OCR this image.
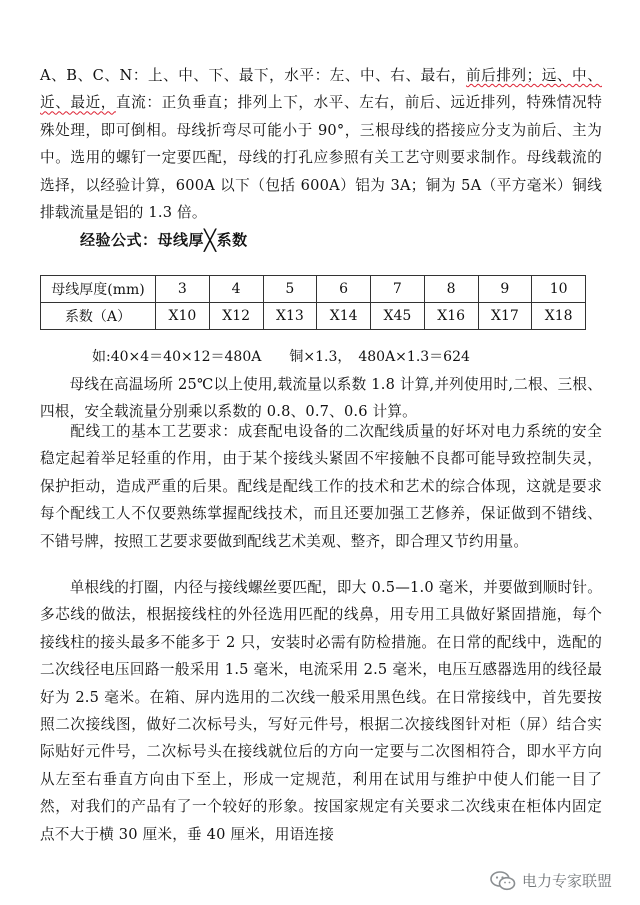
A、B、C、N：上、中、下、最下，水平：左、中、右、最右，前后排列；远、中、近、最近，直流：正负垂直；排列上下，水平、左右，前后、远近排列，特殊情况特殊处理，即可倒相。母线折弯尽可能小于 90°，三根母线的搭接应分支为前后、主为中。选用的螺钉一定要匹配，母线的打孔应参照有关工艺守则要求制作。母线载流的选择，以经验计算，600A 以下（包括 600A）铝为 3A；铜为 5A（平方毫米）铜线排载流量是铝的 1.3 倍。

经验公式：母线厚╳系数
母线厚度(mm)	3	4	5	6	7	8	9	10
系数（A）	X10	X12	X13	X14	X45	X16	X17	X18
如:40×4＝40×12＝480A　　铜×1.3，　480A×1.3＝624

　　母线在高温场所 25℃以上使用,载流量以系数 1.8 计算,并列使用时,二根、三根、四根，安全载流量分别乘以系数的 0.8、0.7、0.6 计算。

　　配线工的基本工艺要求：成套配电设备的二次配线质量的好坏对电力系统的安全稳定起着举足轻重的作用，由于某个接线头紧固不牢接触不良都可能导致控制失灵，保护拒动，造成严重的后果。配线是配线工作的技术和艺术的综合体现，这就是要求每个配线工人不仅要熟练掌握配线技术，而且还要加强工艺修养，保证做到不错线、不错号牌，按照工艺要求要做到配线艺术美观、整齐，即合理又节约用量。

　　单根线的打圈，内径与接线螺丝要匹配，即大 0.5—1.0 毫米，并要做到顺时针。多芯线的做法，根据接线柱的外径选用匹配的线鼻，用专用工具做好紧固措施，每个接线柱的接头最多不能多于 2 只，安装时必需有防检措施。在日常的配线中，选配的二次线径电压回路一般采用 1.5 毫米，电流采用 2.5 毫米，电压互感器选用的线径最好为 2.5 毫米。在箱、屏内选用的二次线一般采用黑色线。在日常接线中，首先要按照二次接线图，做好二次标号头，写好元件号，根据二次接线图针对柜（屏）结合实际贴好元件号，二次标号头在接线就位后的方向一定要与二次图相符合，即水平方向从左至右垂直方向由下至上，形成一定规范，利用在试用与维护中使人们能一目了然，对我们的产品有了一个较好的形象。按国家规定有关要求二次线束在柜体内固定点不大于横 30 厘米，垂 40 厘米，用语连接

电力专家联盟
